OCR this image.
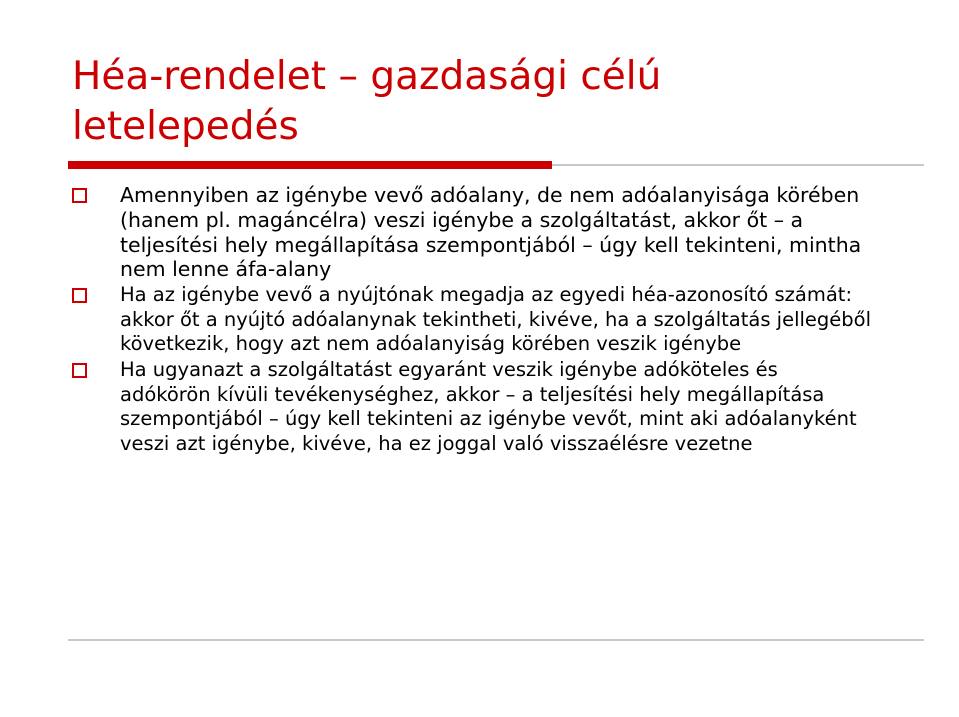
Héa-rendelet – gazdasági célú letelepedés
Amennyiben az igénybe vevő adóalany, de nem adóalanyisága körében (hanem pl. magáncélra) veszi igénybe a szolgáltatást, akkor őt – a teljesítési hely megállapítása szempontjából – úgy kell tekinteni, mintha nem lenne áfa-alany
Ha az igénybe vevő a nyújtónak megadja az egyedi héa-azonosító számát: akkor őt a nyújtó adóalanynak tekintheti, kivéve, ha a szolgáltatás jellegéből következik, hogy azt nem adóalanyiság körében veszik igénybe
Ha ugyanazt a szolgáltatást egyaránt veszik igénybe adóköteles és adókörön kívüli tevékenységhez, akkor – a teljesítési hely megállapítása szempontjából – úgy kell tekinteni az igénybe vevőt, mint aki adóalanyként veszi azt igénybe, kivéve, ha ez joggal való visszaélésre vezetne
